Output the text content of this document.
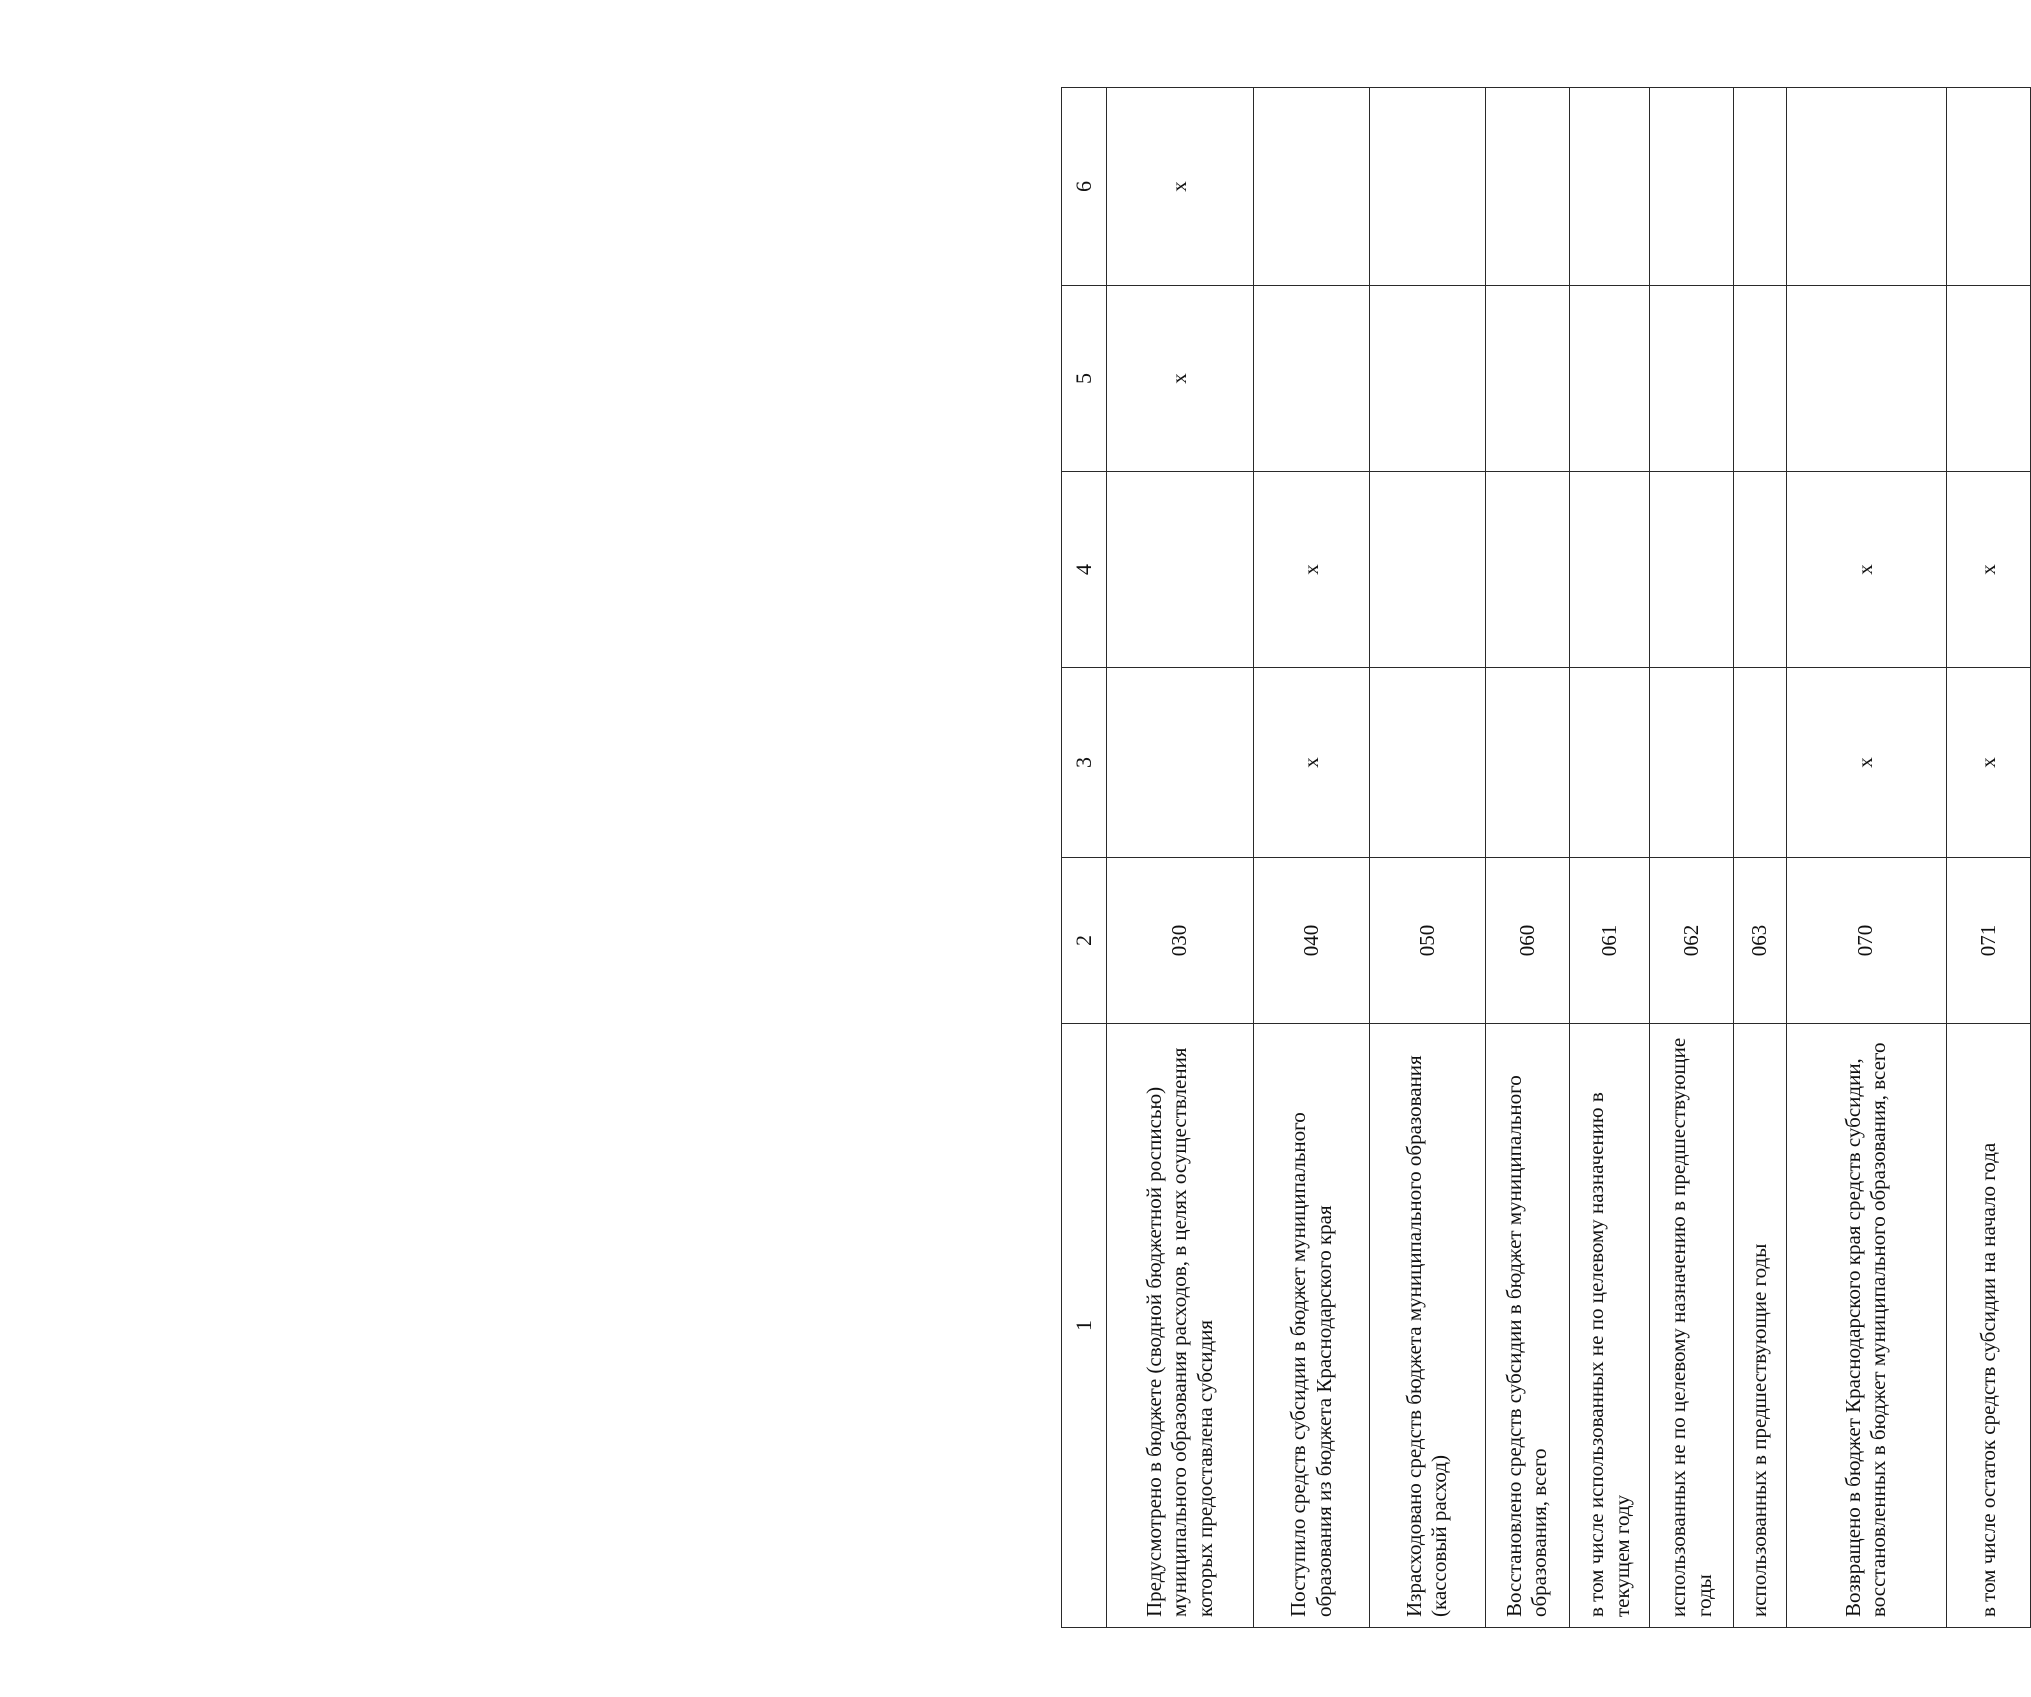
1	2	3	4	5	6
Предусмотрено в бюджете (сводной бюджетной росписью) муниципального образования расходов, в целях осуществления которых предоставлена субсидия	030			x	x
Поступило средств субсидии в бюджет муниципального образования из бюджета Краснодарского края	040	x	x		
Израсходовано средств бюджета муниципального образования (кассовый расход)	050				
Восстановлено средств субсидии в бюджет муниципального образования, всего	060				
в том числе использованных не по целевому назначению в текущем году	061				
использованных не по целевому назначению в предшествующие годы	062				
использованных в предшествующие годы	063				
Возвращено в бюджет Краснодарского края средств субсидии, восстановленных в бюджет муниципального образования, всего	070	x	x		
в том числе остаток средств субсидии на начало года	071	x	x		
